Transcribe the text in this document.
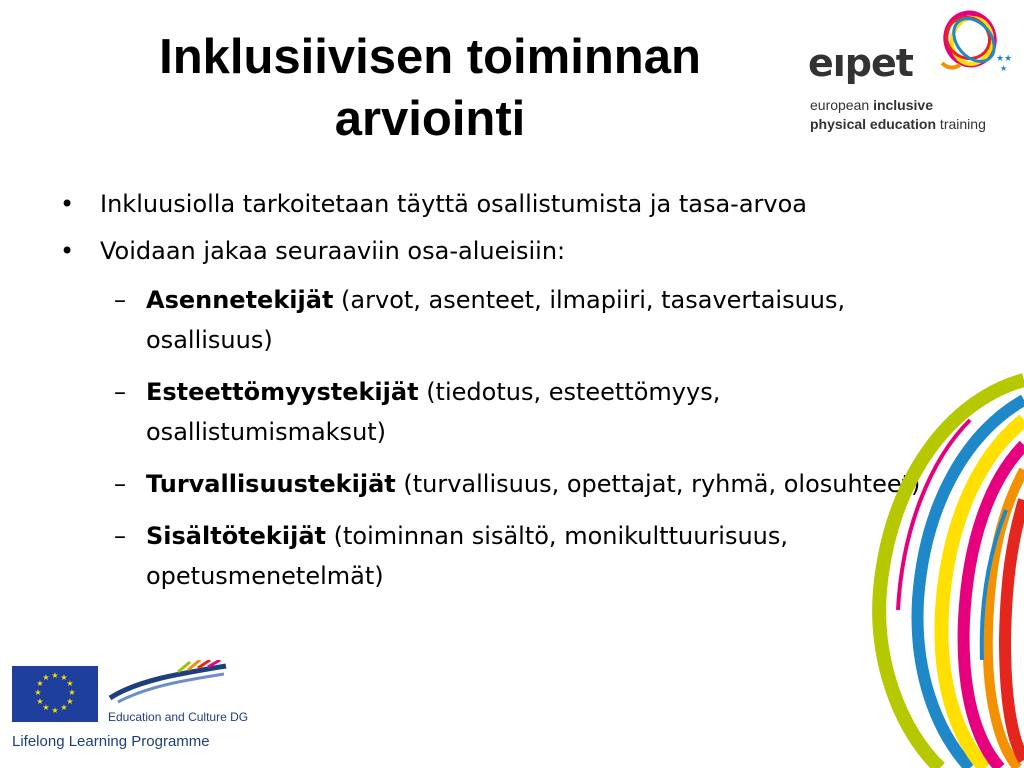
Inklusiivisen toiminnan
arviointi
eıpet	★★
★
european inclusive
physical education training
•	Inkluusiolla tarkoitetaan täyttä osallistumista ja tasa-arvoa
•	Voidaan jakaa seuraaviin osa-alueisiin:
– Asennetekijät (arvot, asenteet, ilmapiiri, tasavertaisuus, osallisuus)
– Esteettömyystekijät (tiedotus, esteettömyys, osallistumismaksut)
– Turvallisuustekijät (turvallisuus, opettajat, ryhmä, olosuhteet)
– Sisältötekijät (toiminnan sisältö, monikulttuurisuus, opetusmenetelmät)
★ ★
★
★
★
★
★
★
★
★
★
★
Education and Culture DG
Lifelong Learning Programme
